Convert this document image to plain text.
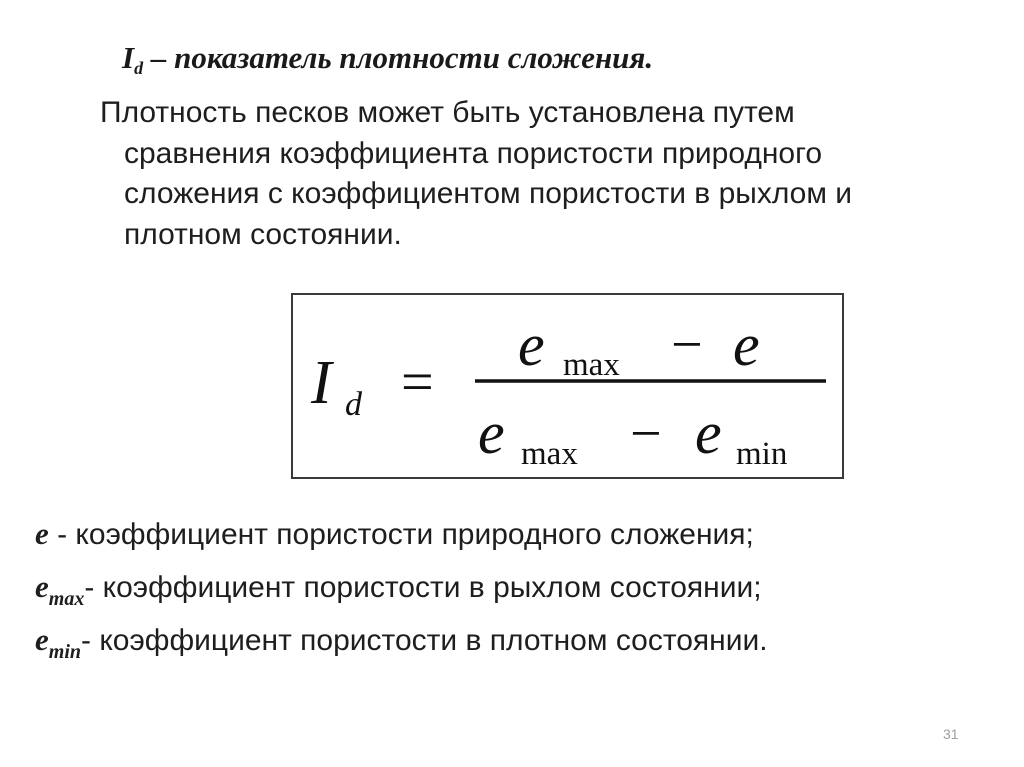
$I_d$ – показатель плотности сложения.
Плотность песков может быть установлена путем
сравнения коэффициента пористости природного
сложения с коэффициентом пористости в рыхлом и
плотном состоянии.
I d =
e max − e
e max − e min
e - коэффициент пористости природного сложения;
$e_{max}-$ коэффициент пористости в рыхлом состоянии;
$e_{min}-$ коэффициент пористости в плотном состоянии.
31
